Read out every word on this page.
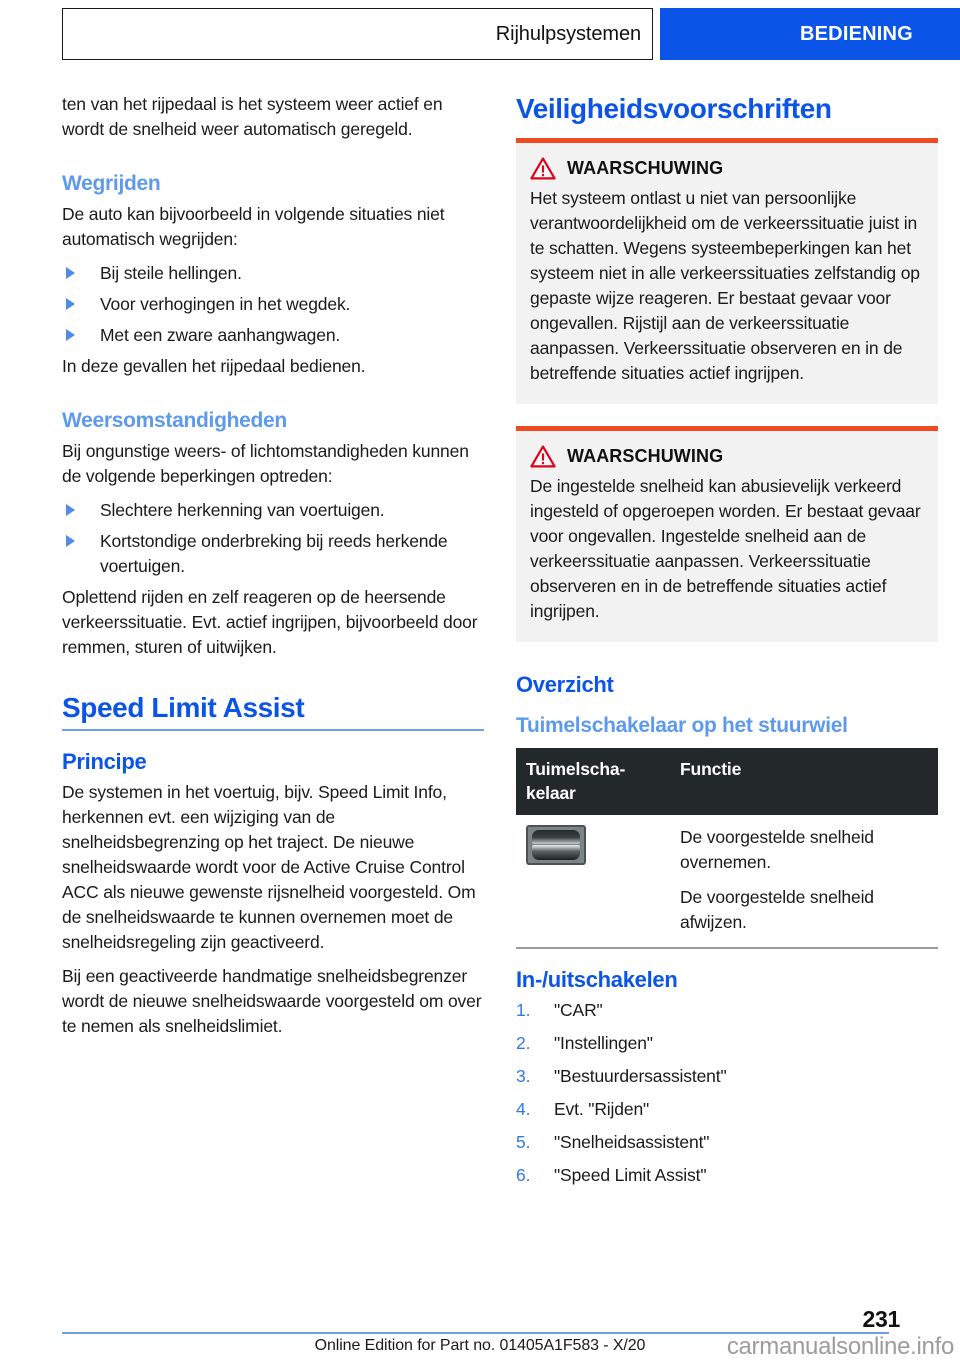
Rijhulpsystemen	BEDIENING

ten van het rijpedaal is het systeem weer actief en wordt de snelheid weer automatisch geregeld.

Wegrijden

De auto kan bijvoorbeeld in volgende situaties niet automatisch wegrijden:

Bij steile hellingen.
Voor verhogingen in het wegdek.
Met een zware aanhangwagen.

In deze gevallen het rijpedaal bedienen.

Weersomstandigheden

Bij ongunstige weers- of lichtomstandigheden kunnen de volgende beperkingen optreden:

Slechtere herkenning van voertuigen.
Kortstondige onderbreking bij reeds herkende voertuigen.

Oplettend rijden en zelf reageren op de heersende verkeerssituatie. Evt. actief ingrijpen, bijvoorbeeld door remmen, sturen of uitwijken.

Speed Limit Assist
Principe

De systemen in het voertuig, bijv. Speed Limit Info, herkennen evt. een wijziging van de snelheidsbegrenzing op het traject. De nieuwe snelheidswaarde wordt voor de Active Cruise Control ACC als nieuwe gewenste rijsnelheid voorgesteld. Om de snelheidswaarde te kunnen overnemen moet de snelheidsregeling zijn geactiveerd.

Bij een geactiveerde handmatige snelheidsbegrenzer wordt de nieuwe snelheidswaarde voorgesteld om over te nemen als snelheidslimiet.

Veiligheidsvoorschriften
WAARSCHUWING

Het systeem ontlast u niet van persoonlijke verantwoordelijkheid om de verkeerssituatie juist in te schatten. Wegens systeembeperkingen kan het systeem niet in alle verkeerssituaties zelfstandig op gepaste wijze reageren. Er bestaat gevaar voor ongevallen. Rijstijl aan de verkeerssituatie aanpassen. Verkeerssituatie observeren en in de betreffende situaties actief ingrijpen.

WAARSCHUWING

De ingestelde snelheid kan abusievelijk verkeerd ingesteld of opgeroepen worden. Er bestaat gevaar voor ongevallen. Ingestelde snelheid aan de verkeerssituatie aanpassen. Verkeerssituatie observeren en in de betreffende situaties actief ingrijpen.

Overzicht
Tuimelschakelaar op het stuurwiel
Tuimelscha-kelaar	Functie

	De voorgestelde snelheid overnemen.

De voorgestelde snelheid afwijzen.

In-/uitschakelen
1. "CAR"
2. "Instellingen"
3. "Bestuurdersassistent"
4. Evt. "Rijden"
5. "Snelheidsassistent"
6. "Speed Limit Assist"
231
Online Edition for Part no. 01405A1F583 - X/20	carmanualsonline.info
